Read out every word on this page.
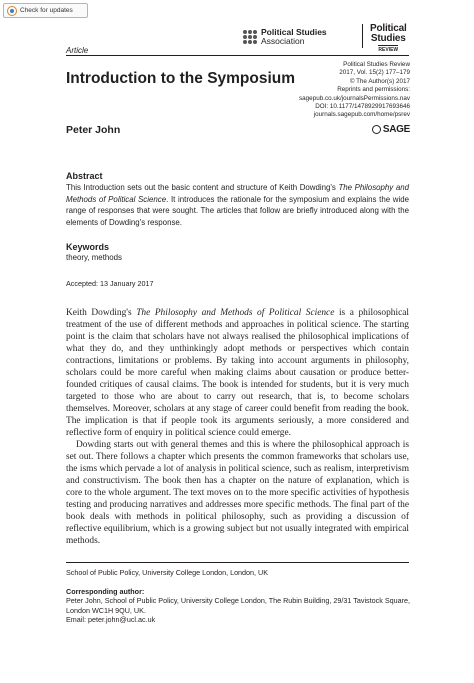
Check for updates
Political Studies
Association
Political
Studies
REVIEW
Article
Introduction to the Symposium
Political Studies Review
2017, Vol. 15(2) 177–179
© The Author(s) 2017
Reprints and permissions:
sagepub.co.uk/journalsPermissions.nav
DOI: 10.1177/1478929917693646
journals.sagepub.com/home/psrev
SAGE
Peter John
Abstract

This Introduction sets out the basic content and structure of Keith Dowding's The Philosophy and Methods of Political Science. It introduces the rationale for the symposium and explains the wide range of responses that were sought. The articles that follow are briefly introduced along with the elements of Dowding's response.

Keywords

theory, methods

Accepted: 13 January 2017

Keith Dowding's The Philosophy and Methods of Political Science is a philosophical treatment of the use of different methods and approaches in political science. The starting point is the claim that scholars have not always realised the philosophical implications of what they do, and they unthinkingly adopt methods or perspectives which contain contractions, limitations or problems. By taking into account arguments in philosophy, scholars could be more careful when making claims about causation or produce better-founded critiques of causal claims. The book is intended for students, but it is very much targeted to those who are about to carry out research, that is, to become scholars themselves. Moreover, scholars at any stage of career could benefit from reading the book. The implication is that if people took its arguments seriously, a more considered and reflective form of enquiry in political science could emerge.

Dowding starts out with general themes and this is where the philosophical approach is set out. There follows a chapter which presents the common frameworks that scholars use, the isms which pervade a lot of analysis in political science, such as realism, interpretivism and constructivism. The book then has a chapter on the nature of explanation, which is core to the whole argument. The text moves on to the more specific activities of hypothesis testing and producing narratives and addresses more specific methods. The final part of the book deals with methods in political philosophy, such as providing a discussion of reflective equilibrium, which is a growing subject but not usually integrated with empirical methods.

School of Public Policy, University College London, London, UK

Corresponding author:

Peter John, School of Public Policy, University College London, The Rubin Building, 29/31 Tavistock Square,
London WC1H 9QU, UK.
Email: peter.john@ucl.ac.uk
